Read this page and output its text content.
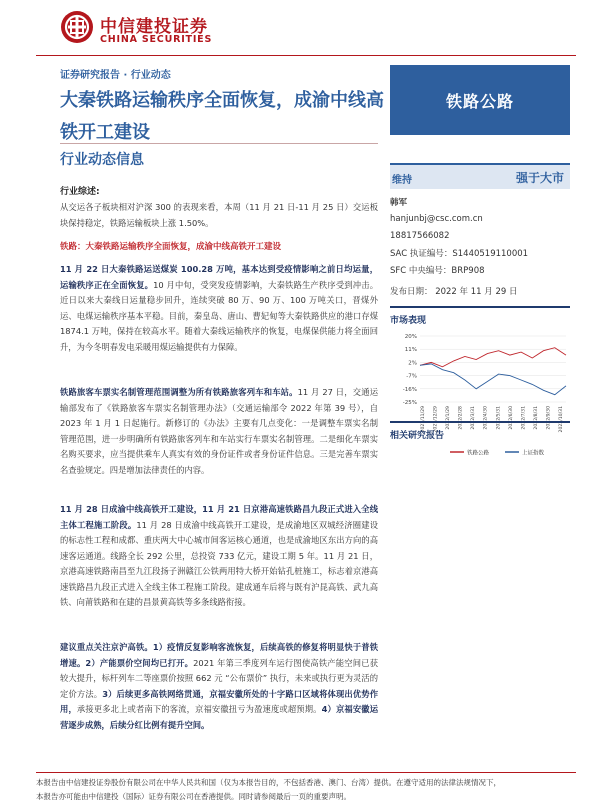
中信建投证券
CHINA SECURITIES
证券研究报告 · 行业动态
大秦铁路运输秩序全面恢复，成渝中线高铁开工建设
行业动态信息
铁路公路
维持	强于大市
韩军
hanjunbj@csc.com.cn
18817566082
SAC 执证编号：S1440519110001
SFC 中央编号：BRP908
发布日期： 2022 年 11 月 29 日
市场表现
20%
11%
2%
-7%
-16%
-25%
2021/11/29 2021/12/29 2022/1/29 2022/2/28 2022/3/31 2022/4/30 2022/5/31 2022/6/30 2022/7/31 2022/8/31 2022/9/30 2022/10/31
铁路公路	上证指数
相关研究报告
行业综述:
从交运各子板块相对沪深 300 的表现来看，本周（11 月 21 日-11 月 25 日）交运板块保持稳定，铁路运输板块上涨 1.50%。
铁路：大秦铁路运输秩序全面恢复，成渝中线高铁开工建设
11 月 22 日大秦铁路运送煤炭 100.28 万吨，基本达到受疫情影响之前日均运量，运输秩序正在全面恢复。10 月中旬，受突发疫情影响，大秦铁路生产秩序受到冲击。近日以来大秦线日运量稳步回升，连续突破 80 万、90 万、100 万吨关口，晋煤外运、电煤运输秩序基本平稳。目前，秦皇岛、唐山、曹妃甸等大秦铁路供应的港口存煤 1874.1 万吨，保持在较高水平。随着大秦线运输秩序的恢复，电煤保供能力将全面回升，为今冬明春发电采暖用煤运输提供有力保障。
铁路旅客车票实名制管理范围调整为所有铁路旅客列车和车站。11 月 27 日，交通运输部发布了《铁路旅客车票实名制管理办法》（交通运输部令 2022 年第 39 号），自 2023 年 1 月 1 日起施行。新修订的《办法》主要有几点变化：一是调整车票实名制管理范围，进一步明确所有铁路旅客列车和车站实行车票实名制管理。二是细化车票实名购买要求，应当提供乘车人真实有效的身份证件或者身份证件信息。三是完善车票实名查验规定。四是增加法律责任的内容。
11 月 28 日成渝中线高铁开工建设，11 月 21 日京港高速铁路昌九段正式进入全线主体工程施工阶段。11 月 28 日成渝中线高铁开工建设，是成渝地区双城经济圈建设的标志性工程和成都、重庆两大中心城市间客运核心通道，也是成渝地区东出方向的高速客运通道。线路全长 292 公里，总投资 733 亿元，建设工期 5 年。11 月 21 日，京港高速铁路南昌至九江段扬子洲赣江公铁两用特大桥开始钻孔桩施工，标志着京港高速铁路昌九段正式进入全线主体工程施工阶段。建成通车后将与既有沪昆高铁、武九高铁、向莆铁路和在建的昌景黄高铁等多条线路衔接。
建议重点关注京沪高铁。1）疫情反复影响客流恢复，后续高铁的修复将明显快于普铁增速。2）产能票价空间均已打开。2021 年第三季度列车运行图使高铁产能空间已获较大提升，标杆列车二等座票价按照 662 元 “公布票价” 执行，未来或执行更为灵活的定价方法。3）后续更多高铁网络贯通，京福安徽所处的十字路口区域将体现出优势作用，承接更多北上或者南下的客流，京福安徽扭亏为盈速度或超预期。4）京福安徽运营逐步成熟，后续分红比例有提升空间。
本报告由中信建投证券股份有限公司在中华人民共和国（仅为本报告目的，不包括香港、澳门、台湾）提供。在遵守适用的法律法规情况下，
本报告亦可能由中信建投（国际）证券有限公司在香港提供。同时请参阅最后一页的重要声明。
